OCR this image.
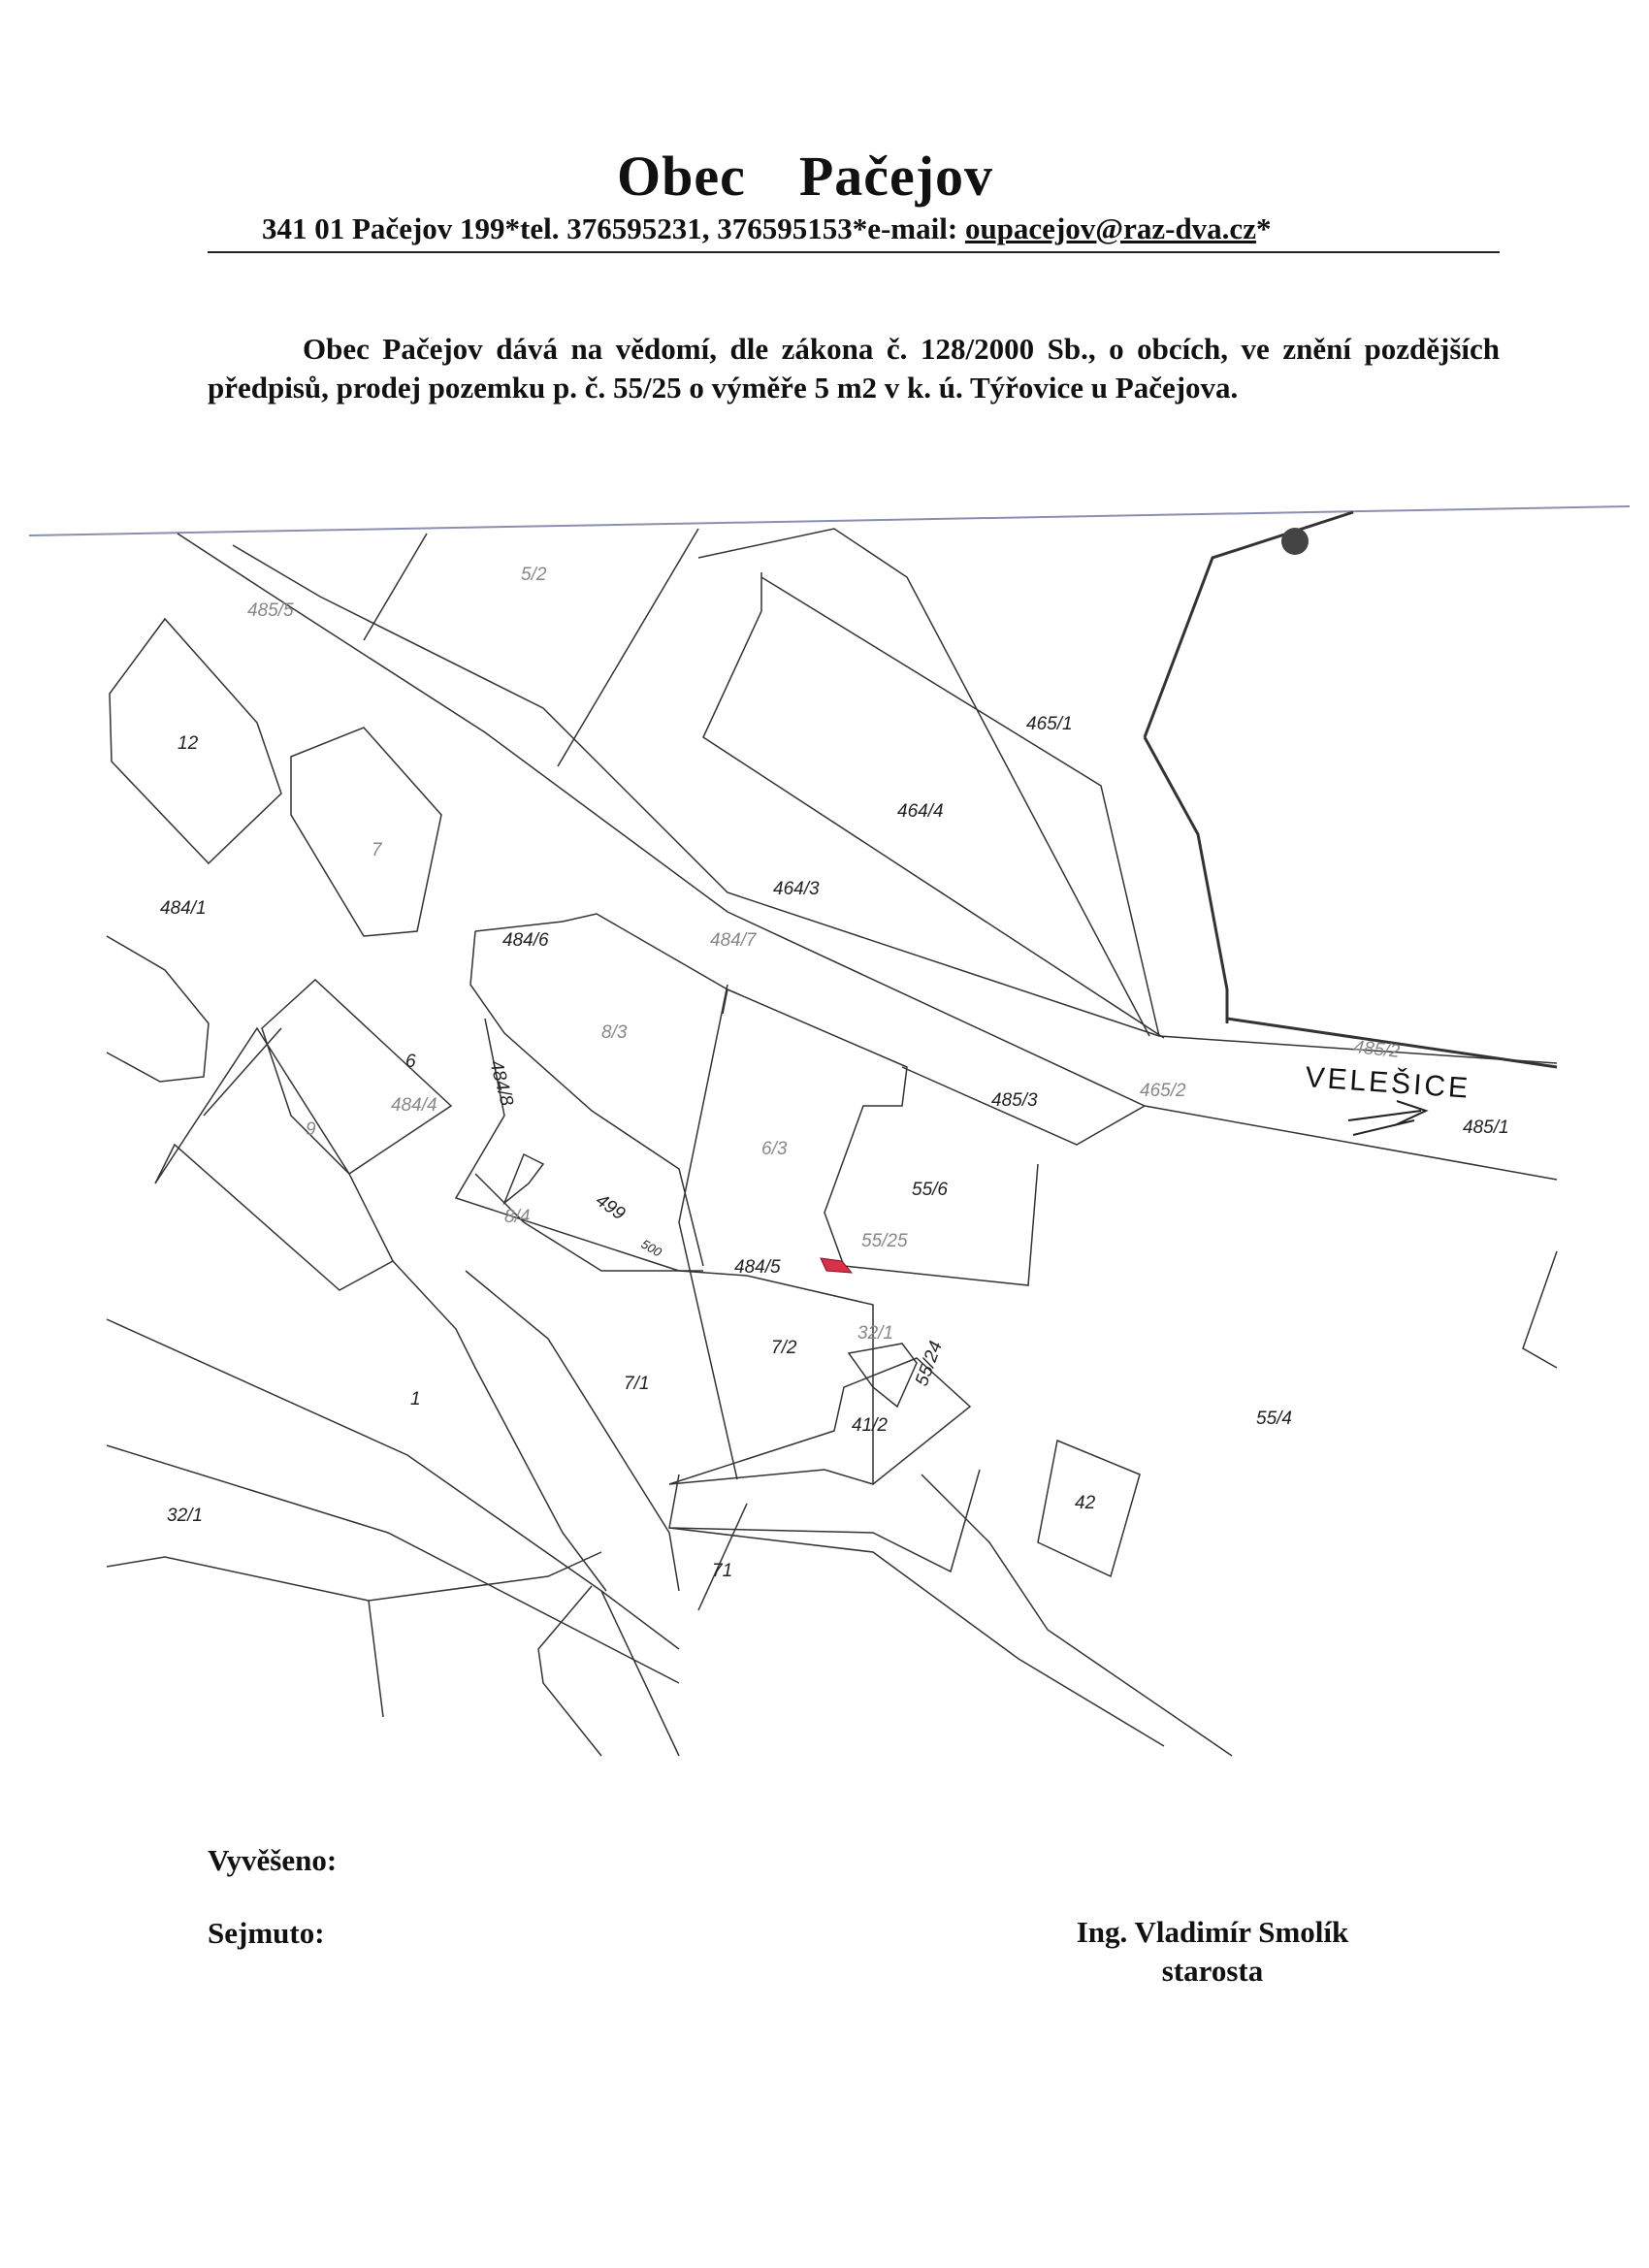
Obec Pačejov
341 01 Pačejov 199*tel. 376595231, 376595153*e-mail: oupacejov@raz-dva.cz*
Obec Pačejov dává na vědomí, dle zákona č. 128/2000 Sb., o obcích, ve znění pozdějších předpisů, prodej pozemku p. č. 55/25 o výměře 5 m2 v k. ú. Týřovice u Pačejova.
VELEŠICE
485/5
5/2
12
7
484/1
465/1
464/4
464/3
484/6	484/7
6
484/4	484/8
8/3
9
6/3
485/3	465/2
485/2
485/1
55/6
8/4	499
500
484/5
55/25
32/1
55/24
7/2
7/1
1
41/2	55/4
42
32/1
71
Vyvěšeno:
Sejmuto:	Ing. Vladimír Smolík
starosta
